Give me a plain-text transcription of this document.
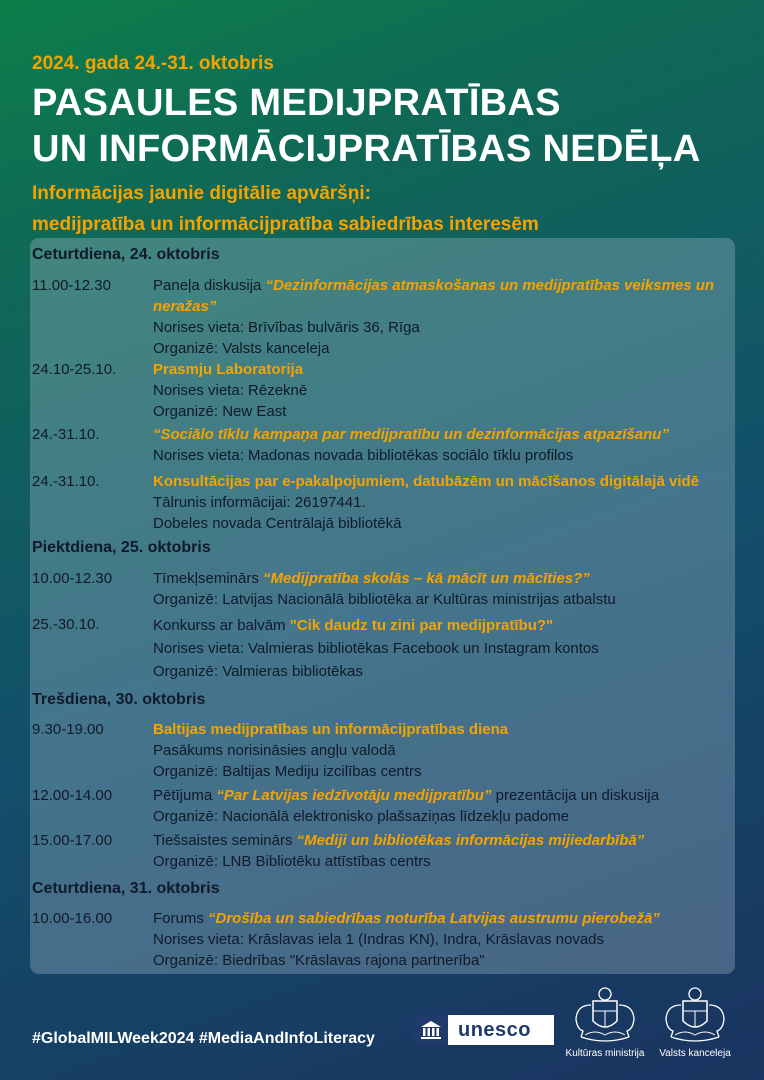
2024. gada 24.-31. oktobris
PASAULES MEDIJPRATĪBAS
UN INFORMĀCIJPRATĪBAS NEDĒĻA
Informācijas jaunie digitālie apvāršņi:
medijpratība un informācijpratība sabiedrības interesēm
Ceturtdiena, 24. oktobris
11.00-12.30	Paneļa diskusija “Dezinformācijas atmaskošanas un medijpratības veiksmes un neražas”
Norises vieta: Brīvības bulvāris 36, Rīga
Organizē: Valsts kanceleja
24.10-25.10. Prasmju Laboratorija
Norises vieta: Rēzeknē
Organizē: New East
24.-31.10.	“Sociālo tīklu kampaņa par medijpratību un dezinformācijas atpazīšanu”
Norises vieta: Madonas novada bibliotēkas sociālo tīklu profilos
24.-31.10.	Konsultācijas par e-pakalpojumiem, datubāzēm un mācīšanos digitālajā vidē
Tālrunis informācijai: 26197441.
Dobeles novada Centrālajā bibliotēkā
Piektdiena, 25. oktobris
10.00-12.30	Tīmekļseminārs “Medijpratība skolās – kā mācīt un mācīties?”
Organizē: Latvijas Nacionālā bibliotēka ar Kultūras ministrijas atbalstu
25.-30.10.	Konkurss ar balvām "Cik daudz tu zini par medijpratību?"
Norises vieta: Valmieras bibliotēkas Facebook un Instagram kontos
Organizē: Valmieras bibliotēkas
Trešdiena, 30. oktobris
9.30-19.00	Baltijas medijpratības un informācijpratības diena
Pasākums norisināsies angļu valodā
Organizē: Baltijas Mediju izcilības centrs
12.00-14.00	Pētījuma “Par Latvijas iedzīvotāju medijpratību” prezentācija un diskusija
Organizē: Nacionālā elektronisko plašsaziņas līdzekļu padome
15.00-17.00	Tiešsaistes seminārs “Mediji un bibliotēkas informācijas mijiedarbībā”
Organizē: LNB Bibliotēku attīstības centrs
Ceturtdiena, 31. oktobris
10.00-16.00	Forums “Drošība un sabiedrības noturība Latvijas austrumu pierobežā”
Norises vieta: Krāslavas iela 1 (Indras KN), Indra, Krāslavas novads
Organizē: Biedrības "Krāslavas rajona partnerība"
#GlobalMILWeek2024 #MediaAndInfoLiteracy	unesco
Kultūras ministrija	Valsts kanceleja
